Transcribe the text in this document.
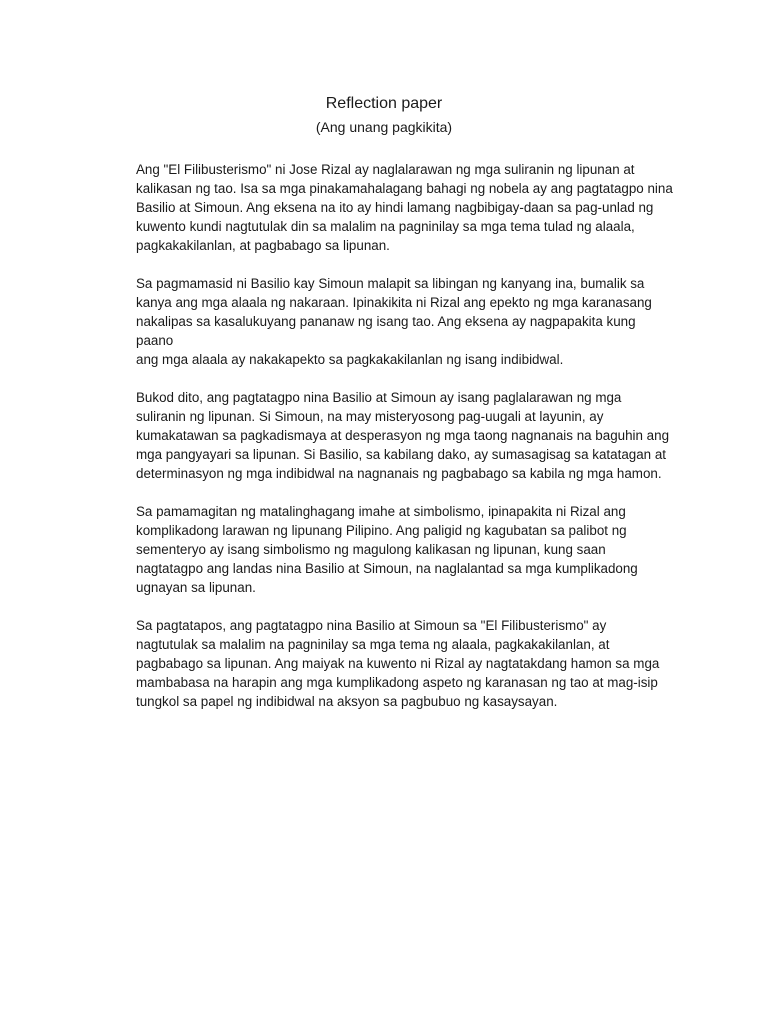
Reflection paper

(Ang unang pagkikita)

Ang "El Filibusterismo" ni Jose Rizal ay naglalarawan ng mga suliranin ng lipunan at
kalikasan ng tao. Isa sa mga pinakamahalagang bahagi ng nobela ay ang pagtatagpo nina
Basilio at Simoun. Ang eksena na ito ay hindi lamang nagbibigay-daan sa pag-unlad ng
kuwento kundi nagtutulak din sa malalim na pagninilay sa mga tema tulad ng alaala,
pagkakakilanlan, at pagbabago sa lipunan.

Sa pagmamasid ni Basilio kay Simoun malapit sa libingan ng kanyang ina, bumalik sa
kanya ang mga alaala ng nakaraan. Ipinakikita ni Rizal ang epekto ng mga karanasang
nakalipas sa kasalukuyang pananaw ng isang tao. Ang eksena ay nagpapakita kung paano
ang mga alaala ay nakakapekto sa pagkakakilanlan ng isang indibidwal.

Bukod dito, ang pagtatagpo nina Basilio at Simoun ay isang paglalarawan ng mga
suliranin ng lipunan. Si Simoun, na may misteryosong pag-uugali at layunin, ay
kumakatawan sa pagkadismaya at desperasyon ng mga taong nagnanais na baguhin ang
mga pangyayari sa lipunan. Si Basilio, sa kabilang dako, ay sumasagisag sa katatagan at
determinasyon ng mga indibidwal na nagnanais ng pagbabago sa kabila ng mga hamon.

Sa pamamagitan ng matalinghagang imahe at simbolismo, ipinapakita ni Rizal ang
komplikadong larawan ng lipunang Pilipino. Ang paligid ng kagubatan sa palibot ng
sementeryo ay isang simbolismo ng magulong kalikasan ng lipunan, kung saan
nagtatagpo ang landas nina Basilio at Simoun, na naglalantad sa mga kumplikadong
ugnayan sa lipunan.

Sa pagtatapos, ang pagtatagpo nina Basilio at Simoun sa "El Filibusterismo" ay
nagtutulak sa malalim na pagninilay sa mga tema ng alaala, pagkakakilanlan, at
pagbabago sa lipunan. Ang maiyak na kuwento ni Rizal ay nagtatakdang hamon sa mga
mambabasa na harapin ang mga kumplikadong aspeto ng karanasan ng tao at mag-isip
tungkol sa papel ng indibidwal na aksyon sa pagbubuo ng kasaysayan.
